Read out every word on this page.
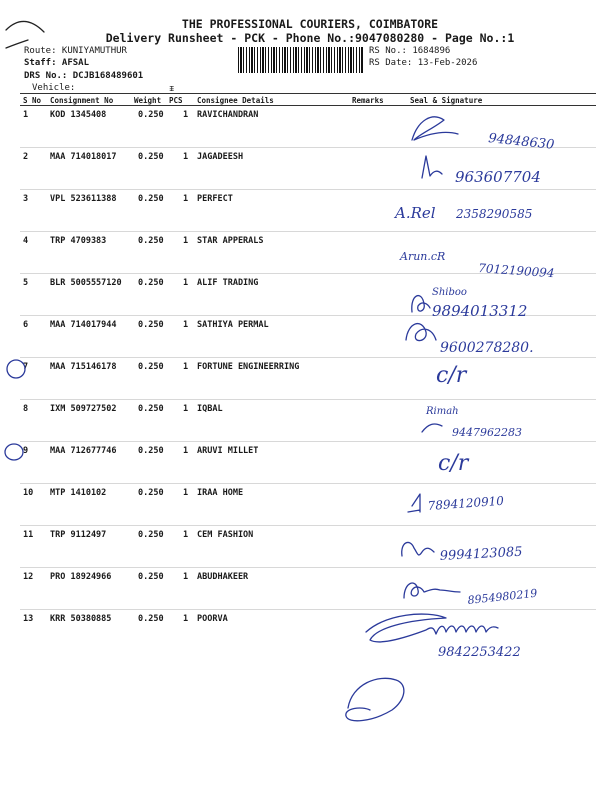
THE PROFESSIONAL COURIERS, COIMBATORE
Delivery Runsheet - PCK - Phone No.:9047080280 - Page No.:1
Route: KUNIYAMUTHUR
Staff: AFSAL
DRS No.: DCJB168489601
Vehicle:
RS No.: 1684896
RS Date: 13-Feb-2026
S No Consignment No	Weight PCS Consignee Details	Remarks	Seal & Signature
1	KOD 1345408	0.250 1 RAVICHANDRAN
2	MAA 714018017	0.250 1 JAGADEESH
3	VPL 523611388	0.250 1 PERFECT
4	TRP 4709383	0.250 1 STAR APPERALS
5	BLR 5005557120 0.250 1 ALIF TRADING
6	MAA 714017944	0.250 1 SATHIYA PERMAL
7	MAA 715146178	0.250 1 FORTUNE ENGINEERRING
8	IXM 509727502	0.250 1 IQBAL
9	MAA 712677746	0.250 1 ARUVI MILLET
10 MTP 1410102	0.250 1 IRAA HOME
11 TRP 9112497	0.250 1 CEM FASHION
12 PRO 18924966	0.250 1 ABUDHAKEER
13 KRR 50380885	0.250 1 POORVA
ᵻ
94848630
963607704
A.Rel 2358290585
Arun.cR
7012190094
Shiboo
9894013312
9600278280.
c/r
Rimah
9447962283
c/r
7894120910
9994123085
8954980219
9842253422
